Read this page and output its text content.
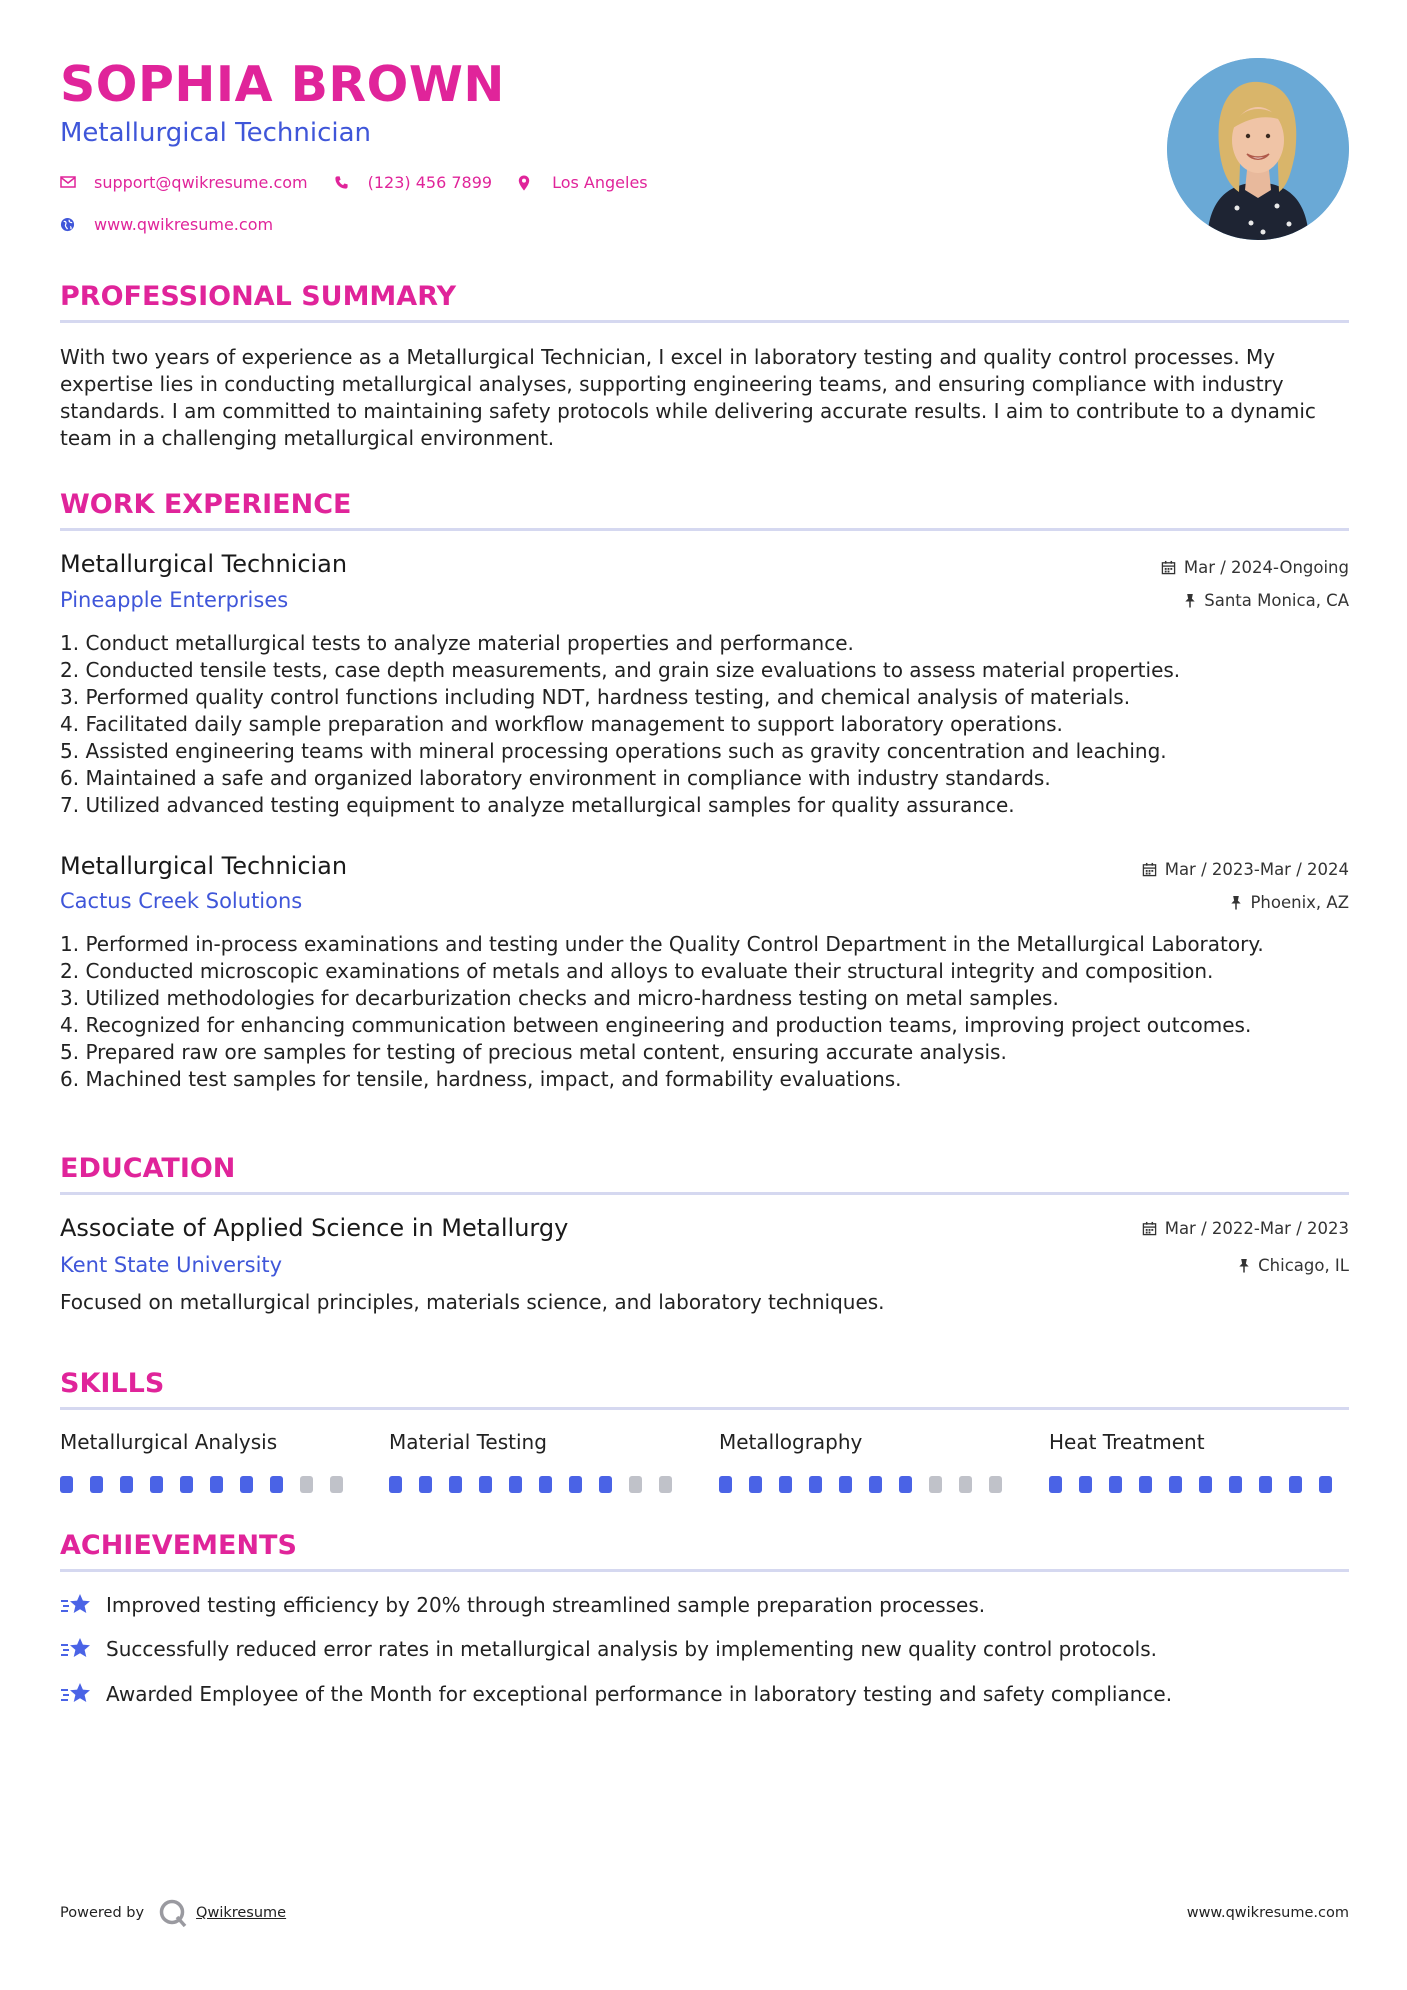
SOPHIA BROWN
Metallurgical Technician
support@qwikresume.com	(123) 456 7899	Los Angeles
www.qwikresume.com
PROFESSIONAL SUMMARY

With two years of experience as a Metallurgical Technician, I excel in laboratory testing and quality control processes. My expertise lies in conducting metallurgical analyses, supporting engineering teams, and ensuring compliance with industry standards. I am committed to maintaining safety protocols while delivering accurate results. I aim to contribute to a dynamic team in a challenging metallurgical environment.

WORK EXPERIENCE
Metallurgical Technician
Pineapple Enterprises
Mar / 2024-Ongoing
Santa Monica, CA
1. Conduct metallurgical tests to analyze material properties and performance.
2. Conducted tensile tests, case depth measurements, and grain size evaluations to assess material properties.
3. Performed quality control functions including NDT, hardness testing, and chemical analysis of materials.
4. Facilitated daily sample preparation and workflow management to support laboratory operations.
5. Assisted engineering teams with mineral processing operations such as gravity concentration and leaching.
6. Maintained a safe and organized laboratory environment in compliance with industry standards.
7. Utilized advanced testing equipment to analyze metallurgical samples for quality assurance.
Metallurgical Technician
Cactus Creek Solutions
Mar / 2023-Mar / 2024
Phoenix, AZ
1. Performed in-process examinations and testing under the Quality Control Department in the Metallurgical Laboratory.
2. Conducted microscopic examinations of metals and alloys to evaluate their structural integrity and composition.
3. Utilized methodologies for decarburization checks and micro-hardness testing on metal samples.
4. Recognized for enhancing communication between engineering and production teams, improving project outcomes.
5. Prepared raw ore samples for testing of precious metal content, ensuring accurate analysis.
6. Machined test samples for tensile, hardness, impact, and formability evaluations.
EDUCATION
Associate of Applied Science in Metallurgy
Kent State University
Mar / 2022-Mar / 2023
Chicago, IL
Focused on metallurgical principles, materials science, and laboratory techniques.
SKILLS
Metallurgical Analysis	Material Testing	Metallography	Heat Treatment
ACHIEVEMENTS
Improved testing efficiency by 20% through streamlined sample preparation processes.
Successfully reduced error rates in metallurgical analysis by implementing new quality control protocols.
Awarded Employee of the Month for exceptional performance in laboratory testing and safety compliance.
Powered by	Qwikresume	www.qwikresume.com
